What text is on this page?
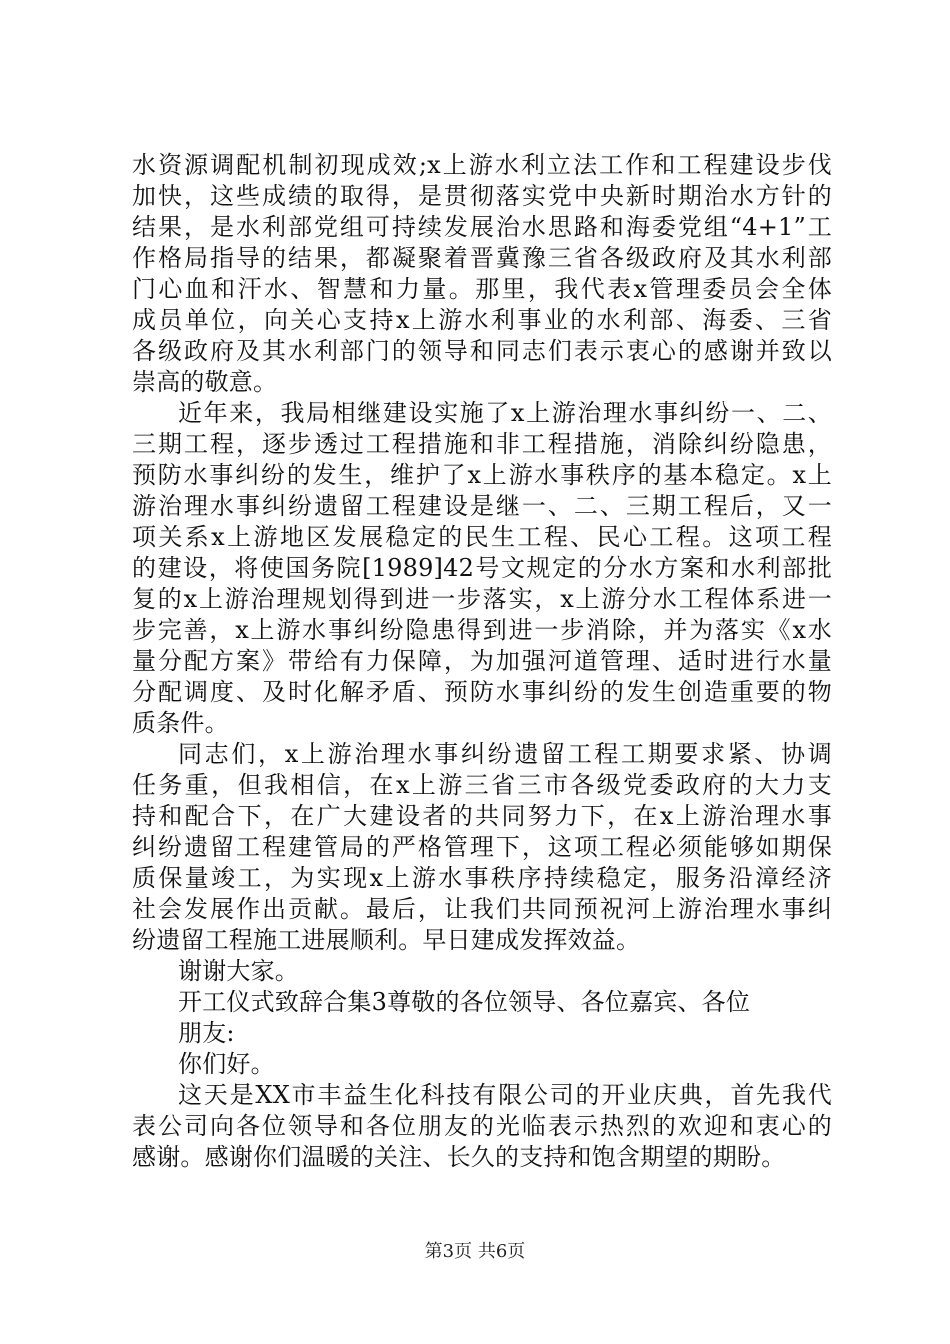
水资源调配机制初现成效;x上游水利立法工作和工程建设步伐
加快，这些成绩的取得，是贯彻落实党中央新时期治水方针的
结果，是水利部党组可持续发展治水思路和海委党组“4+1”工
作格局指导的结果，都凝聚着晋冀豫三省各级政府及其水利部
门心血和汗水、智慧和力量。那里，我代表x管理委员会全体
成员单位，向关心支持x上游水利事业的水利部、海委、三省
各级政府及其水利部门的领导和同志们表示衷心的感谢并致以
崇高的敬意。
近年来，我局相继建设实施了x上游治理水事纠纷一、二、
三期工程，逐步透过工程措施和非工程措施，消除纠纷隐患，
预防水事纠纷的发生，维护了x上游水事秩序的基本稳定。x上
游治理水事纠纷遗留工程建设是继一、二、三期工程后，又一
项关系x上游地区发展稳定的民生工程、民心工程。这项工程
的建设，将使国务院[1989]42号文规定的分水方案和水利部批
复的x上游治理规划得到进一步落实，x上游分水工程体系进一
步完善，x上游水事纠纷隐患得到进一步消除，并为落实《x水
量分配方案》带给有力保障，为加强河道管理、适时进行水量
分配调度、及时化解矛盾、预防水事纠纷的发生创造重要的物
质条件。
同志们，x上游治理水事纠纷遗留工程工期要求紧、协调
任务重，但我相信，在x上游三省三市各级党委政府的大力支
持和配合下，在广大建设者的共同努力下，在x上游治理水事
纠纷遗留工程建管局的严格管理下，这项工程必须能够如期保
质保量竣工，为实现x上游水事秩序持续稳定，服务沿漳经济
社会发展作出贡献。最后，让我们共同预祝河上游治理水事纠
纷遗留工程施工进展顺利。早日建成发挥效益。
谢谢大家。
开工仪式致辞合集3尊敬的各位领导、各位嘉宾、各位
朋友:
你们好。
这天是XX市丰益生化科技有限公司的开业庆典，首先我代
表公司向各位领导和各位朋友的光临表示热烈的欢迎和衷心的
感谢。感谢你们温暖的关注、长久的支持和饱含期望的期盼。
第3页 共6页
